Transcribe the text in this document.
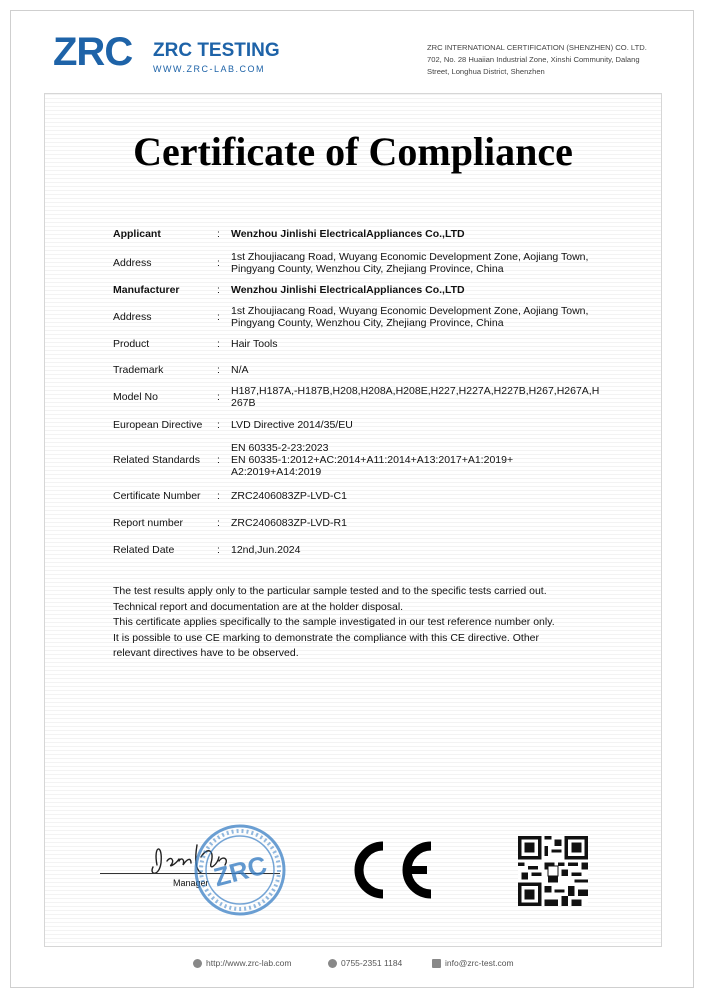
ZRC ZRC TESTING
WWW.ZRC-LAB.COM
ZRC INTERNATIONAL CERTIFICATION (SHENZHEN) CO. LTD.
702, No. 28 Huaiian Industrial Zone, Xinshi Community, Dalang
Street, Longhua District, Shenzhen
Certificate of Compliance
Applicant	:	Wenzhou Jinlishi ElectricalAppliances Co.,LTD
Address	:	1st Zhoujiacang Road, Wuyang Economic Development Zone, Aojiang Town,
Pingyang County, Wenzhou City, Zhejiang Province, China
Manufacturer	:	Wenzhou Jinlishi ElectricalAppliances Co.,LTD
Address	:	1st Zhoujiacang Road, Wuyang Economic Development Zone, Aojiang Town,
Pingyang County, Wenzhou City, Zhejiang Province, China
Product	:	Hair Tools
Trademark	:	N/A
Model No	:	H187,H187A,-H187B,H208,H208A,H208E,H227,H227A,H227B,H267,H267A,H
267B
European Directive	:	LVD Directive 2014/35/EU
Related Standards	:
EN 60335-2-23:2023
EN 60335-1:2012+AC:2014+A11:2014+A13:2017+A1:2019+
A2:2019+A14:2019
Certificate Number	:	ZRC2406083ZP-LVD-C1
Report number	:	ZRC2406083ZP-LVD-R1
Related Date	:	12nd,Jun.2024
The test results apply only to the particular sample tested and to the specific tests carried out.
Technical report and documentation are at the holder disposal.
This certificate applies specifically to the sample investigated in our test reference number only.
It is possible to use CE marking to demonstrate the compliance with this CE directive. Other
relevant directives have to be observed.
Manager ZRC
http://www.zrc-lab.com	0755-2351 1184	info@zrc-test.com
